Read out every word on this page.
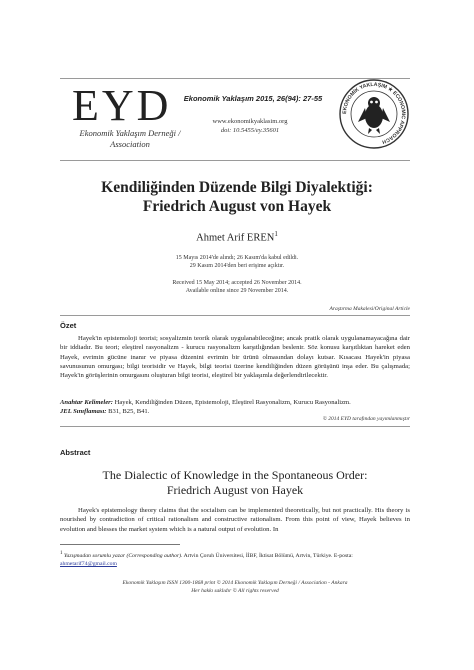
EYD
Ekonomik Yaklaşım Derneği / Association
Ekonomik Yaklaşım 2015, 26(94): 27-55
www.ekonomikyaklasim.org
doi: 10.5455/ey.35601
EKONOMİK YAKLAŞIM ★ ECONOMIC APPROACH
Kendiliğinden Düzende Bilgi Diyalektiği:
Friedrich August von Hayek
Ahmet Arif EREN$^1$
15 Mayıs 2014'de alındı; 26 Kasım'da kabul edildi.
29 Kasım 2014'den beri erişime açıktır.
Received 15 May 2014; accepted 26 November 2014.
Available online since 29 November 2014.
Araştırma Makalesi/Original Article
Özet
Hayek'in epistemoloji teorisi; sosyalizmin teorik olarak uygulanabileceğine; ancak pratik olarak uygulanamayacağına dair bir iddiadır. Bu teori; eleştirel rasyonalizm - kurucu rasyonalizm karşıtlığından beslenir. Söz konusu karşıtlıktan hareket eden Hayek, evrimin gücüne inanır ve piyasa düzenini evrimin bir ürünü olmasından dolayı kutsar. Kısacası Hayek'in piyasa savunusunun omurgası; bilgi teorisidir ve Hayek, bilgi teorisi üzerine kendiliğinden düzen görüşünü inşa eder. Bu çalışmada; Hayek'in görüşlerinin omurgasını oluşturan bilgi teorisi, eleştirel bir yaklaşımla değerlendirilecektir.
Anahtar Kelimeler: Hayek, Kendiliğinden Düzen, Epistemoloji, Eleştirel Rasyonalizm, Kurucu Rasyonalizm.
JEL Sınıflaması: B31, B25, B41.
© 2014 EYD tarafından yayımlanmıştır
Abstract
The Dialectic of Knowledge in the Spontaneous Order:
Friedrich August von Hayek
Hayek's epistemology theory claims that the socialism can be implemented theoretically, but not practically. His theory is nourished by contradiction of critical rationalism and constructive rationalism. From this point of view, Hayek believes in evolution and blesses the market system which is a natural output of evolution. In
$^1$ Yazışmadan sorumlu yazar (Corresponding author). Artvin Çoruh Üniversitesi, İİBF, İktisat Bölümü, Artvin, Türkiye. E-posta:
ahmetarif74@gmail.com
Ekonomik Yaklaşım ISSN 1300-1868 print © 2014 Ekonomik Yaklaşım Derneği / Association - Ankara
Her hakkı saklıdır © All rights reserved
